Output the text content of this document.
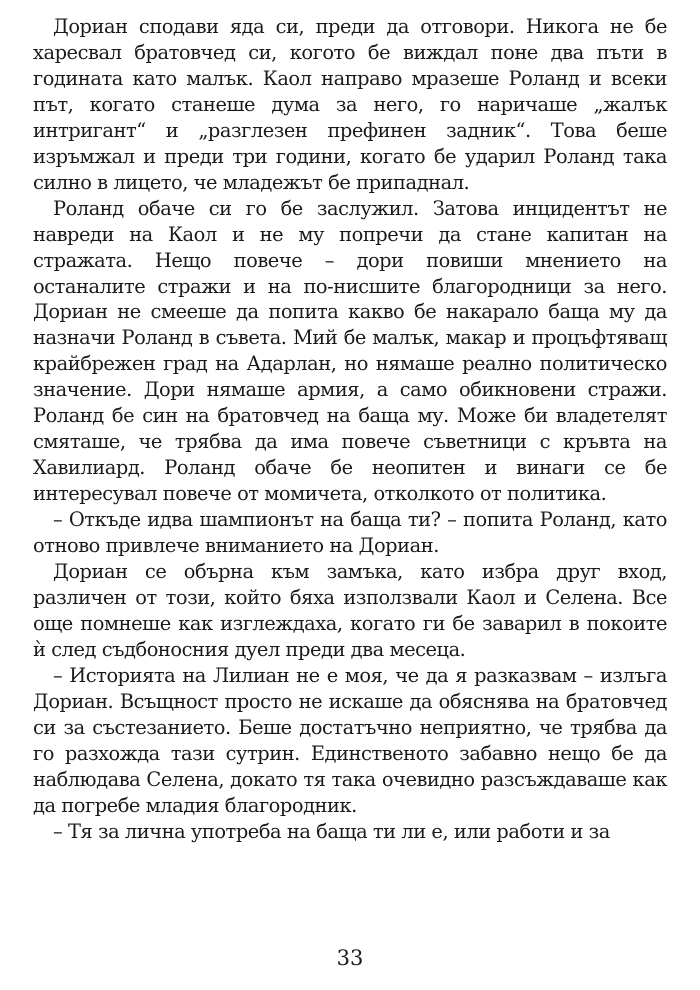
Дориан сподави яда си, преди да отговори. Никога не бе харесвал братовчед си, когото бе виждал поне два пъти в годината като малък. Каол направо мразеше Роланд и всеки път, когато станеше дума за него, го наричаше „жалък интригант“ и „разглезен префинен задник“. Това беше изръмжал и преди три години, когато бе ударил Роланд така силно в лицето, че младежът бе припаднал.

Роланд обаче си го бе заслужил. Затова инцидентът не навреди на Каол и не му попречи да стане капитан на стражата. Нещо повече – дори повиши мнението на останалите стражи и на по-нисшите благородници за него. Дориан не смееше да попита какво бе накарало баща му да назначи Роланд в съвета. Мий бе малък, макар и процъфтяващ крайбрежен град на Адарлан, но нямаше реално политическо значение. Дори нямаше армия, а само обикновени стражи. Роланд бе син на братовчед на баща му. Може би владетелят смяташе, че трябва да има повече съветници с кръвта на Хавилиард. Роланд обаче бе неопитен и винаги се бе интересувал повече от момичета, отколкото от политика.

– Откъде идва шампионът на баща ти? – попита Роланд, като отново привлече вниманието на Дориан.

Дориан се обърна към замъка, като избра друг вход, различен от този, който бяха използвали Каол и Селена. Все още помнеше как изглеждаха, когато ги бе заварил в покоите ѝ след съдбоносния дуел преди два месеца.

– Историята на Лилиан не е моя, че да я разказвам – излъга Дориан. Всъщност просто не искаше да обяснява на братовчед си за състезанието. Беше достатъчно неприятно, че трябва да го разхожда тази сутрин. Единственото забавно нещо бе да наблюдава Селена, докато тя така очевидно разсъждаваше как да погребе младия благородник.

– Тя за лична употреба на баща ти ли е, или работи и за

33
